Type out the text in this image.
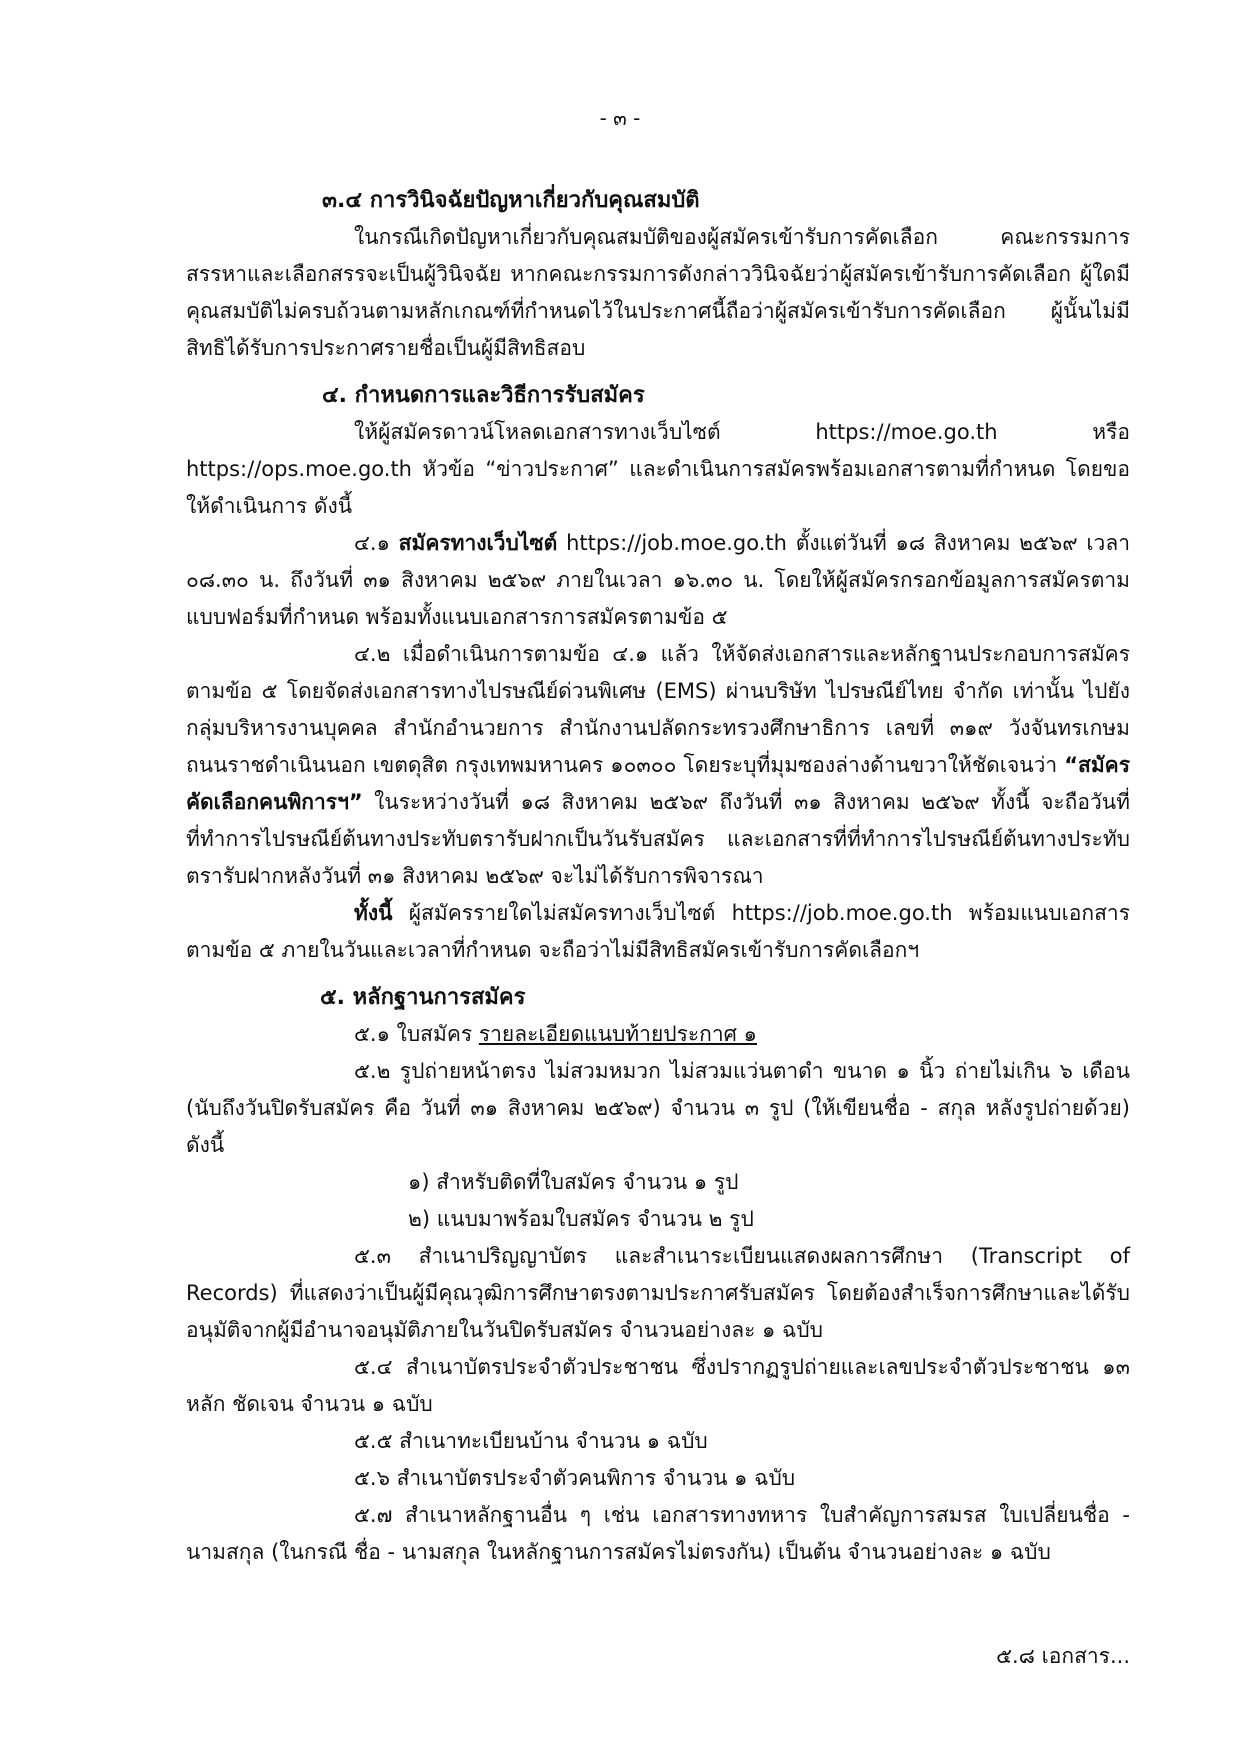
- ๓ -

๓.๔ การวินิจฉัยปัญหาเกี่ยวกับคุณสมบัติ

ในกรณีเกิดปัญหาเกี่ยวกับคุณสมบัติของผู้สมัครเข้ารับการคัดเลือก คณะกรรมการสรรหาและเลือกสรรจะเป็นผู้วินิจฉัย หากคณะกรรมการดังกล่าววินิจฉัยว่าผู้สมัครเข้ารับการคัดเลือก ผู้ใดมีคุณสมบัติไม่ครบถ้วนตามหลักเกณฑ์ที่กำหนดไว้ในประกาศนี้ถือว่าผู้สมัครเข้ารับการคัดเลือก ผู้นั้นไม่มีสิทธิได้รับการประกาศรายชื่อเป็นผู้มีสิทธิสอบ

๔. กำหนดการและวิธีการรับสมัคร

ให้ผู้สมัครดาวน์โหลดเอกสารทางเว็บไซต์ https://moe.go.th หรือ https://ops.moe.go.th หัวข้อ “ข่าวประกาศ” และดำเนินการสมัครพร้อมเอกสารตามที่กำหนด โดยขอให้ดำเนินการ ดังนี้

๔.๑ สมัครทางเว็บไซต์ https://job.moe.go.th ตั้งแต่วันที่ ๑๘ สิงหาคม ๒๕๖๙ เวลา ๐๘.๓๐ น. ถึงวันที่ ๓๑ สิงหาคม ๒๕๖๙ ภายในเวลา ๑๖.๓๐ น. โดยให้ผู้สมัครกรอกข้อมูลการสมัครตามแบบฟอร์มที่กำหนด พร้อมทั้งแนบเอกสารการสมัครตามข้อ ๕

๔.๒ เมื่อดำเนินการตามข้อ ๔.๑ แล้ว ให้จัดส่งเอกสารและหลักฐานประกอบการสมัครตามข้อ ๕ โดยจัดส่งเอกสารทางไปรษณีย์ด่วนพิเศษ (EMS) ผ่านบริษัท ไปรษณีย์ไทย จำกัด เท่านั้น ไปยังกลุ่มบริหารงานบุคคล สำนักอำนวยการ สำนักงานปลัดกระทรวงศึกษาธิการ เลขที่ ๓๑๙ วังจันทรเกษม ถนนราชดำเนินนอก เขตดุสิต กรุงเทพมหานคร ๑๐๓๐๐ โดยระบุที่มุมซองล่างด้านขวาให้ชัดเจนว่า “สมัครคัดเลือกคนพิการฯ” ในระหว่างวันที่ ๑๘ สิงหาคม ๒๕๖๙ ถึงวันที่ ๓๑ สิงหาคม ๒๕๖๙ ทั้งนี้ จะถือวันที่ที่ทำการไปรษณีย์ต้นทางประทับตรารับฝากเป็นวันรับสมัคร และเอกสารที่ที่ทำการไปรษณีย์ต้นทางประทับตรารับฝากหลังวันที่ ๓๑ สิงหาคม ๒๕๖๙ จะไม่ได้รับการพิจารณา

ทั้งนี้ ผู้สมัครรายใดไม่สมัครทางเว็บไซต์ https://job.moe.go.th พร้อมแนบเอกสารตามข้อ ๕ ภายในวันและเวลาที่กำหนด จะถือว่าไม่มีสิทธิสมัครเข้ารับการคัดเลือกฯ

๕. หลักฐานการสมัคร

๕.๑ ใบสมัคร รายละเอียดแนบท้ายประกาศ ๑

๕.๒ รูปถ่ายหน้าตรง ไม่สวมหมวก ไม่สวมแว่นตาดำ ขนาด ๑ นิ้ว ถ่ายไม่เกิน ๖ เดือน (นับถึงวันปิดรับสมัคร คือ วันที่ ๓๑ สิงหาคม ๒๕๖๙) จำนวน ๓ รูป (ให้เขียนชื่อ - สกุล หลังรูปถ่ายด้วย) ดังนี้

๑) สำหรับติดที่ใบสมัคร จำนวน ๑ รูป

๒) แนบมาพร้อมใบสมัคร จำนวน ๒ รูป

๕.๓ สำเนาปริญญาบัตร และสำเนาระเบียนแสดงผลการศึกษา (Transcript of Records) ที่แสดงว่าเป็นผู้มีคุณวุฒิการศึกษาตรงตามประกาศรับสมัคร โดยต้องสำเร็จการศึกษาและได้รับอนุมัติจากผู้มีอำนาจอนุมัติภายในวันปิดรับสมัคร จำนวนอย่างละ ๑ ฉบับ

๕.๔ สำเนาบัตรประจำตัวประชาชน ซึ่งปรากฏรูปถ่ายและเลขประจำตัวประชาชน ๑๓ หลัก ชัดเจน จำนวน ๑ ฉบับ

๕.๕ สำเนาทะเบียนบ้าน จำนวน ๑ ฉบับ

๕.๖ สำเนาบัตรประจำตัวคนพิการ จำนวน ๑ ฉบับ

๕.๗ สำเนาหลักฐานอื่น ๆ เช่น เอกสารทางทหาร ใบสำคัญการสมรส ใบเปลี่ยนชื่อ - นามสกุล (ในกรณี ชื่อ - นามสกุล ในหลักฐานการสมัครไม่ตรงกัน) เป็นต้น จำนวนอย่างละ ๑ ฉบับ

๕.๘ เอกสาร...
